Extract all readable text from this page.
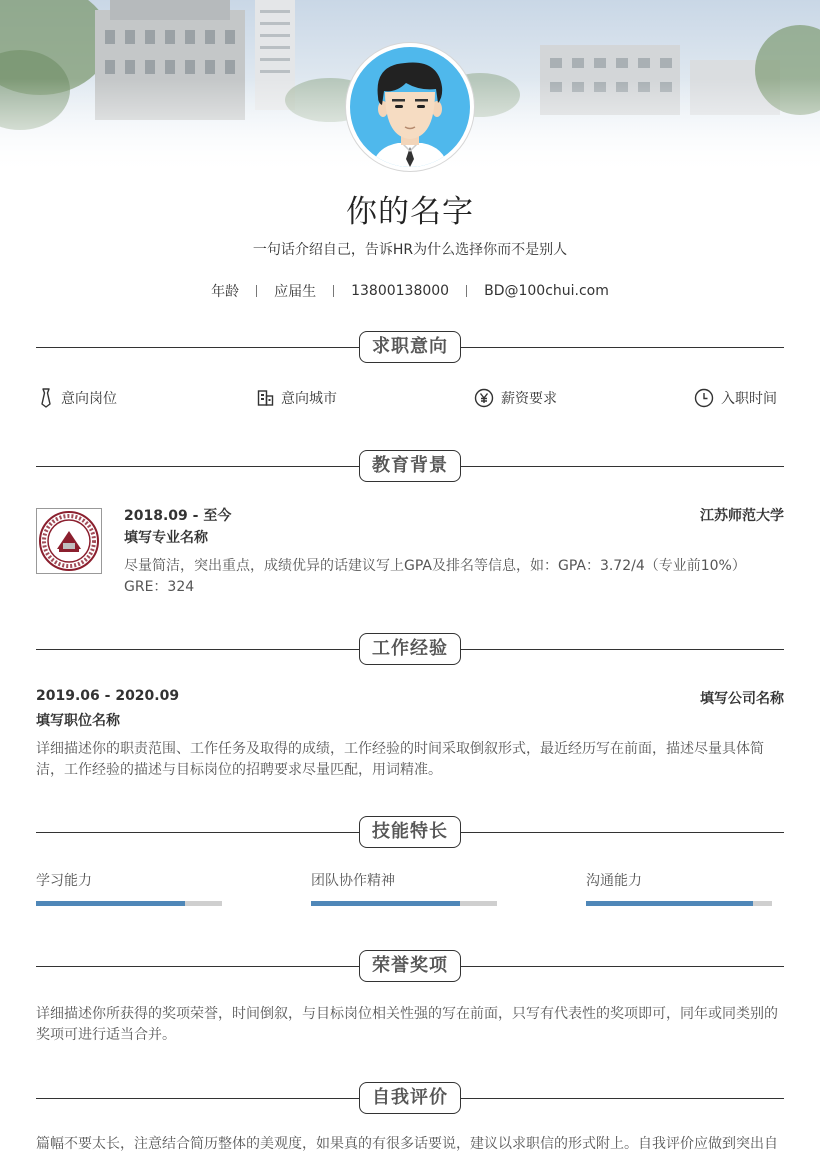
你的名字
一句话介绍自己，告诉HR为什么选择你而不是别人
年龄	应届生	13800138000	BD@100chui.com
求职意向
意向岗位	意向城市	薪资要求	入职时间
教育背景
2018.09 - 至今	江苏师范大学
填写专业名称
尽量简洁，突出重点，成绩优异的话建议写上GPA及排名等信息，如：GPA：3.72/4（专业前10%） GRE：324
工作经验
2019.06 - 2020.09	填写公司名称
填写职位名称
详细描述你的职责范围、工作任务及取得的成绩，工作经验的时间采取倒叙形式，最近经历写在前面，描述尽量具体简洁，工作经验的描述与目标岗位的招聘要求尽量匹配，用词精准。
技能特长
学习能力	团队协作精神	沟通能力
荣誉奖项
详细描述你所获得的奖项荣誉，时间倒叙，与目标岗位相关性强的写在前面，只写有代表性的奖项即可，同年或同类别的奖项可进行适当合并。
自我评价
篇幅不要太长，注意结合简历整体的美观度，如果真的有很多话要说，建议以求职信的形式附上。自我评价应做到突出自
